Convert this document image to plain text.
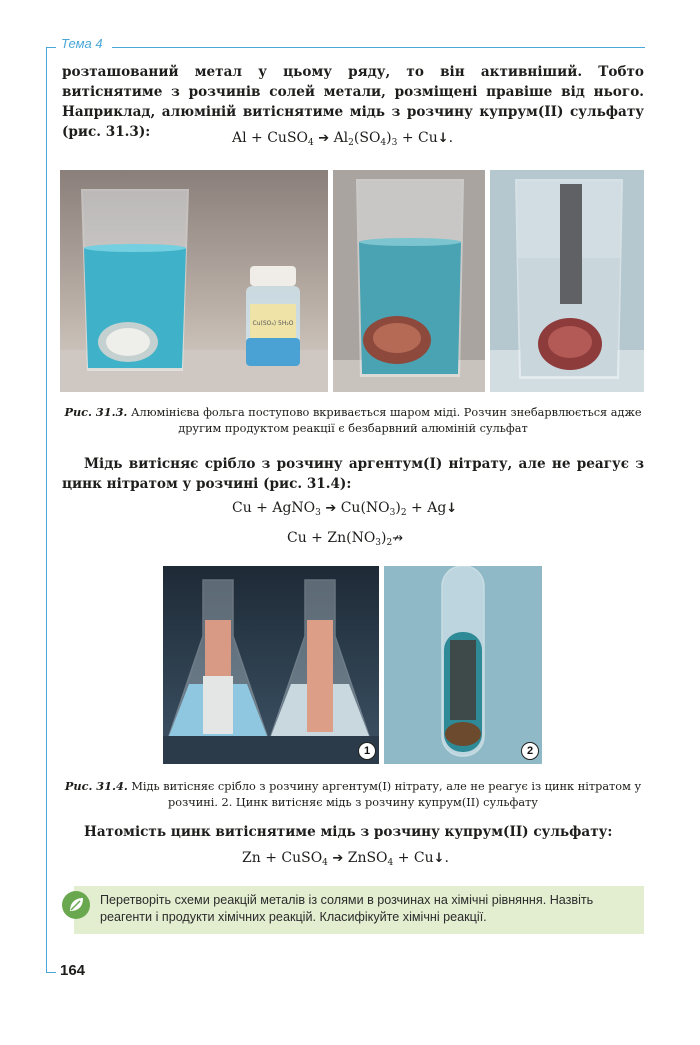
Тема 4
розташований метал у цьому ряду, то він активніший. Тобто витіснятиме з розчинів солей метали, розміщені правіше від нього. Наприклад, алюміній витіснятиме мідь з розчину купрум(II) сульфату (рис. 31.3):	Al + CuSO$_4$ ➔ $Al_2(SO_4)_3$ + Cu↓.
Сu(SO₄) 5H₂O
Рис. 31.3. Алюмінієва фольга поступово вкривається шаром міді. Розчин знебарвлюється адже другим продуктом реакції є безбарвний алюміній сульфат
Мідь витісняє срібло з розчину аргентум(I) нітрату, але не реагує з цинк нітратом у розчині (рис. 31.4):
Cu + AgNO$_3$ ➔ $Cu(NO_3)_2$ + Ag↓
$Cu + Zn(NO_3)_2↛$
1	2
Рис. 31.4. Мідь витісняє срібло з розчину аргентум(I) нітрату, але не реагує із цинк нітратом у розчині. 2. Цинк витісняє мідь з розчину купрум(II) сульфату
Натомість цинк витіснятиме мідь з розчину купрум(II) сульфату:
Zn + CuSO$_4$ ➔ ZnSO$_4$ + Cu↓.
Перетворіть схеми реакцій металів із солями в розчинах на хімічні рівняння. Назвіть реагенти і продукти хімічних реакцій. Класифікуйте хімічні реакції.
164
